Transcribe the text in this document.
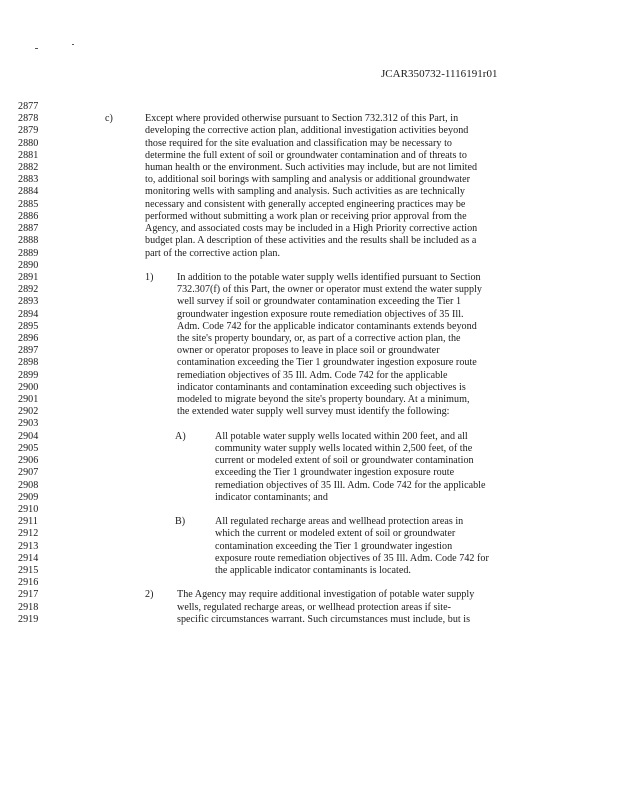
JCAR350732-1116191r01
2877
2878	c)	Except where provided otherwise pursuant to Section 732.312 of this Part, in
2879	developing the corrective action plan, additional investigation activities beyond
2880	those required for the site evaluation and classification may be necessary to
2881	determine the full extent of soil or groundwater contamination and of threats to
2882	human health or the environment. Such activities may include, but are not limited
2883	to, additional soil borings with sampling and analysis or additional groundwater
2884	monitoring wells with sampling and analysis. Such activities as are technically
2885	necessary and consistent with generally accepted engineering practices may be
2886	performed without submitting a work plan or receiving prior approval from the
2887	Agency, and associated costs may be included in a High Priority corrective action
2888	budget plan. A description of these activities and the results shall be included as a
2889	part of the corrective action plan.
2890
2891	1) In addition to the potable water supply wells identified pursuant to Section
2892	732.307(f) of this Part, the owner or operator must extend the water supply
2893	well survey if soil or groundwater contamination exceeding the Tier 1
2894	groundwater ingestion exposure route remediation objectives of 35 Ill.
2895	Adm. Code 742 for the applicable indicator contaminants extends beyond
2896	the site's property boundary, or, as part of a corrective action plan, the
2897	owner or operator proposes to leave in place soil or groundwater
2898	contamination exceeding the Tier 1 groundwater ingestion exposure route
2899	remediation objectives of 35 Ill. Adm. Code 742 for the applicable
2900	indicator contaminants and contamination exceeding such objectives is
2901	modeled to migrate beyond the site's property boundary. At a minimum,
2902	the extended water supply well survey must identify the following:
2903
2904	A)	All potable water supply wells located within 200 feet, and all
2905	community water supply wells located within 2,500 feet, of the
2906	current or modeled extent of soil or groundwater contamination
2907	exceeding the Tier 1 groundwater ingestion exposure route
2908	remediation objectives of 35 Ill. Adm. Code 742 for the applicable
2909	indicator contaminants; and
2910
2911	B)	All regulated recharge areas and wellhead protection areas in
2912	which the current or modeled extent of soil or groundwater
2913	contamination exceeding the Tier 1 groundwater ingestion
2914	exposure route remediation objectives of 35 Ill. Adm. Code 742 for
2915	the applicable indicator contaminants is located.
2916
2917	2) The Agency may require additional investigation of potable water supply
2918	wells, regulated recharge areas, or wellhead protection areas if site-
2919	specific circumstances warrant. Such circumstances must include, but is
